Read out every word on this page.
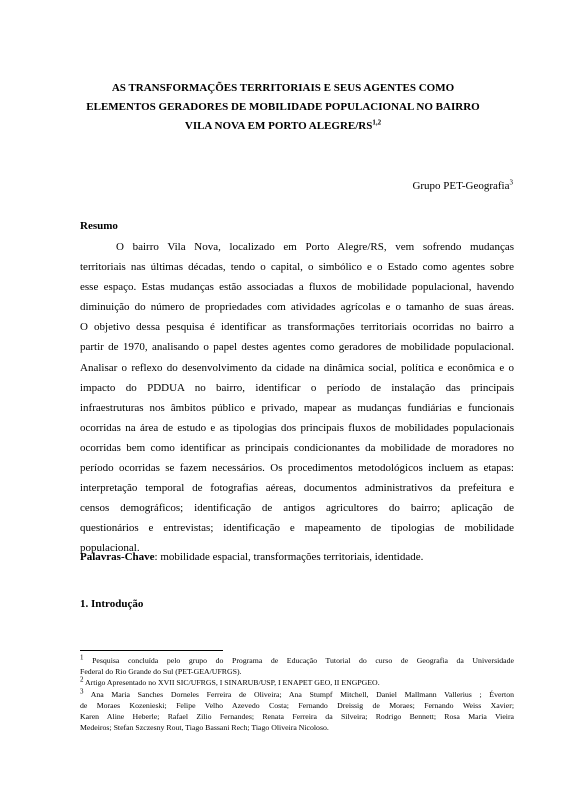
AS TRANSFORMAÇÕES TERRITORIAIS E SEUS AGENTES COMO
ELEMENTOS GERADORES DE MOBILIDADE POPULACIONAL NO BAIRRO
VILA NOVA EM PORTO ALEGRE/RS$^{1,2}$

Grupo PET-Geografia$^3$

Resumo

O bairro Vila Nova, localizado em Porto Alegre/RS, vem sofrendo mudanças
territoriais nas últimas décadas, tendo o capital, o simbólico e o Estado como agentes sobre
esse espaço. Estas mudanças estão associadas a fluxos de mobilidade populacional, havendo
diminuição do número de propriedades com atividades agrícolas e o tamanho de suas áreas.
O objetivo dessa pesquisa é identificar as transformações territoriais ocorridas no bairro a
partir de 1970, analisando o papel destes agentes como geradores de mobilidade populacional.
Analisar o reflexo do desenvolvimento da cidade na dinâmica social, política e econômica e o
impacto do PDDUA no bairro, identificar o período de instalação das principais
infraestruturas nos âmbitos público e privado, mapear as mudanças fundiárias e funcionais
ocorridas na área de estudo e as tipologias dos principais fluxos de mobilidades populacionais
ocorridas bem como identificar as principais condicionantes da mobilidade de moradores no
período ocorridas se fazem necessários. Os procedimentos metodológicos incluem as etapas:
interpretação temporal de fotografias aéreas, documentos administrativos da prefeitura e
censos demográficos; identificação de antigos agricultores do bairro; aplicação de
questionários e entrevistas; identificação e mapeamento de tipologias de mobilidade
populacional.

Palavras-Chave: mobilidade espacial, transformações territoriais, identidade.

1. Introdução
$^1$ Pesquisa concluída pelo grupo do Programa de Educação Tutorial do curso de Geografia da Universidade
Federal do Rio Grande do Sul (PET-GEA/UFRGS).
$^2$ Artigo Apresentado no XVII SIC/UFRGS, I SINARUB/USP, I ENAPET GEO, II ENGPGEO.
$^3$ Ana Maria Sanches Dorneles Ferreira de Oliveira; Ana Stumpf Mitchell, Daniel Mallmann Vallerius ; Éverton
de Moraes Kozenieski; Felipe Velho Azevedo Costa; Fernando Dreissig de Moraes; Fernando Weiss Xavier;
Karen Aline Heberle; Rafael Zilio Fernandes; Renata Ferreira da Silveira; Rodrigo Bennett; Rosa Maria Vieira
Medeiros; Stefan Szczesny Rout, Tiago Bassani Rech; Tiago Oliveira Nicoloso.
